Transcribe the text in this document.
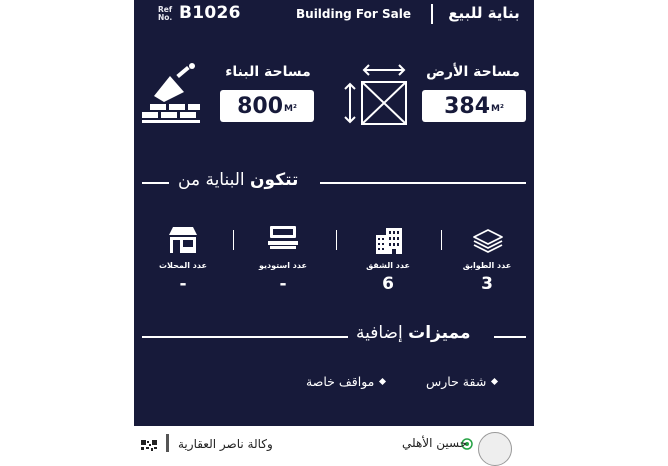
Ref
No. B1026	Building For Sale	بناية للبيع
مساحة البناء
800 M²
مساحة الأرض
384 M²
تتكون البناية من
عدد الطوابق
3
عدد الشقق
6
عدد استوديو
-
عدد المحلات
-
مميزات إضافية
شقة حارس
مواقف خاصة
وكالة ناصر العقارية	حسين الأهلي
